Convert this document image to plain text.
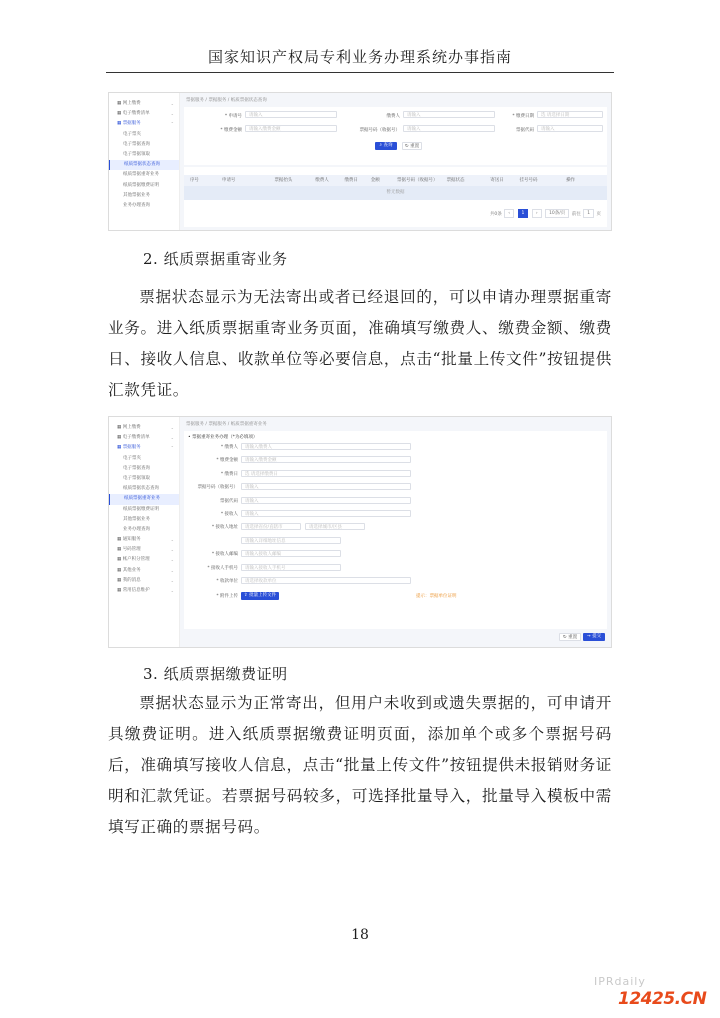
国家知识产权局专利业务办理系统办事指南
▦ 网上缴费	⌄
▦ 电子缴费清单	⌄
▦ 票据服务	⌃
电子票夹
电子票据查询
电子票据领取
纸质票据状态查询
纸质票据重寄业务
纸质票据缴费证明
其他票据业务
业务办理查询
票据服务 / 票据服务 / 纸质票据状态查询
* 申请号	请输入	缴费人	请输入	* 缴费日期	选 请选择日期
* 缴费金额	请输入缴费金额	票据号码（收据号）	请输入	票据代码	请输入
⌕ 查询	↻ 重置
序号	申请号	票据抬头	缴费人	缴费日	金额	票据号码（收据号） 票据状态	寄送日	挂号号码	操作
暂无数据
共0条 ‹	1	›	10条/页 前往 1 页
2. 纸质票据重寄业务

票据状态显示为无法寄出或者已经退回的，可以申请办理票据重寄业务。进入纸质票据重寄业务页面，准确填写缴费人、缴费金额、缴费日、接收人信息、收款单位等必要信息，点击“批量上传文件”按钮提供汇款凭证。

▦ 网上缴费	⌄
▦ 电子缴费清单	⌄
▦ 票据服务	⌃
电子票夹
电子票据查询
电子票据领取
纸质票据状态查询
纸质票据重寄业务
纸质票据缴费证明
其他票据业务
业务办理查询
▦ 通知服务	⌄
▦ 号码管理	⌄
▦ 帐户积分管理	⌄
▦ 其他业务	⌄
▦ 我的消息	⌄
▦ 常用信息维护	⌄
票据服务 / 票据服务 / 纸质票据重寄业务
• 票据重寄业务办理（*为必填项）
* 缴费人	请输入缴费人
* 缴费金额	请输入缴费金额
* 缴费日	选 请选择缴费日
票据号码（收据号）	请输入
票据代码	请输入
* 接收人	请输入
* 接收人地址	请选择省份/直辖市	请选择城市/区县
请输入详细地址信息
* 接收人邮编	请输入接收人邮编
* 接收人手机号	请输入接收人手机号
* 收款单位	请选择收款单位
* 附件上传	⇪ 批量上传文件	提示：票据单位证明
↻ 重置	→ 提交
3. 纸质票据缴费证明

票据状态显示为正常寄出，但用户未收到或遗失票据的，可申请开具缴费证明。进入纸质票据缴费证明页面，添加单个或多个票据号码后，准确填写接收人信息，点击“批量上传文件”按钮提供未报销财务证明和汇款凭证。若票据号码较多，可选择批量导入，批量导入模板中需填写正确的票据号码。

18
IPRdaily
12425.CN
